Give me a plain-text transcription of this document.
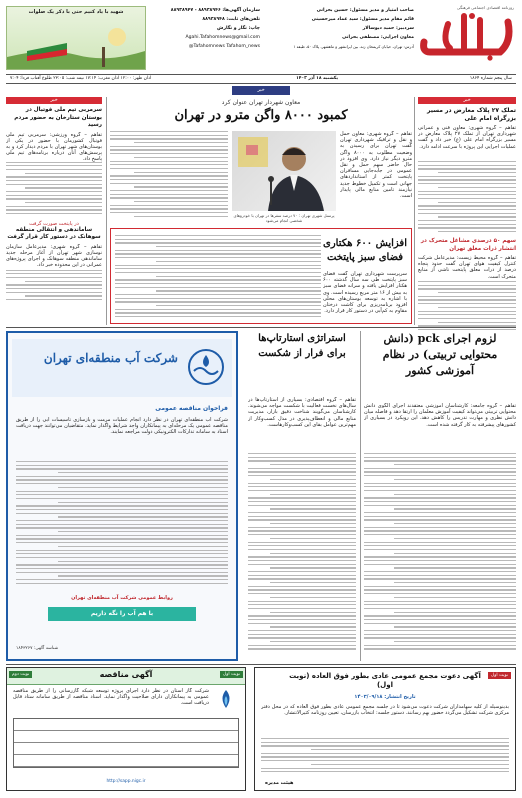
روزنامه اقتصادی اجتماعی فرهنگی
صاحب امتیاز و مدیر مسئول: حسین بحرانی
قائم مقام مدیر مسئول: سید عماد میرحسینی
سردبیر: حمید دیوسالار
معاون اجرایی: مصطفی بحرانی
آدرس: تهران، خیابان کریمخان زند، بین ایرانشهر و ماهشهر، پلاک ۵۰، طبقه ۱
سازمان آگهی‌ها: ۸۸۹۳۸۹۴۶ - ۸۸۹۳۸۹۴۷
تلفن‌های ثابت: ۸۸۹۳۸۹۴۸
چاپ: نگار و نگارش
Agahi.Tafahomnews@gmail.com
@Tafahomnews Tafahom_news
شهید با یاد کنیم حتی با ذکر یک صلوات
سال پنجم شماره ۱۸۶۴
یکشنبه ۱۸ آذر ۱۴۰۳
اذان ظهر: ۱۲:۰۰ اذان مغرب: ۱۷:۱۴ نیمه شب: ۲۳:۰۵ طلوع آفتاب فردا: ۷:۰۴
خبر
خبر
تملک ۲۷ پلاک معارض در مسیر بزرگراه امام علی
تفاهم – گروه شهری: معاون فنی و عمرانی شهرداری تهران از تملک ۲۷ پلاک معارض در مسیر بزرگراه امام علی (ع) خبر داد و گفت عملیات اجرایی این پروژه با سرعت ادامه دارد.
سهم ۵۰ درصدی مشاغل متحرک در انتشار ذرات معلق تهران
تفاهم – گروه محیط زیست: مدیرعامل شرکت کنترل کیفیت هوای تهران گفت حدود پنجاه درصد از ذرات معلق پایتخت ناشی از منابع متحرک است.
خبر
سرمربی تیم ملی فوتبال در بوستان ستارخان به حضور مردم رسید
تفاهم – گروه ورزشی: سرمربی تیم ملی فوتبال کشورمان با حضور در یکی از بوستان‌های شهر تهران با مردم دیدار کرد و به پرسش‌های آنان درباره برنامه‌های تیم ملی پاسخ داد.
در پایتخت صورت گرفت
ساماندهی و انتقالی منطقه سوهانک در دستور کار قرار گرفت
تفاهم – گروه شهری: مدیرعامل سازمان نوسازی شهر تهران از آغاز مرحله جدید ساماندهی منطقه سوهانک و اجرای پروژه‌های عمرانی در این محدوده خبر داد.
معاون شهردار تهران عنوان کرد
کمبود ۸۰۰۰ واگن مترو در تهران
تفاهم – گروه شهری: معاون حمل و نقل و ترافیک شهرداری تهران گفت تهران برای رسیدن به وضعیت مطلوب به ۸۰۰۰ واگن مترو دیگر نیاز دارد. وی افزود در حال حاضر سهم حمل و نقل عمومی در جابه‌جایی مسافران پایتخت کمتر از استانداردهای جهانی است و تکمیل خطوط جدید نیازمند تامین منابع مالی پایدار است.
پرسنل شهری تهران : ۷۰ درصد سفرها در تهران با خودروهای شخصی انجام می‌شود
افزایش ۶۰۰ هکتاری فضای سبز پایتخت
سرپرست شهرداری تهران گفت فضای سبز پایتخت طی سه سال گذشته ۶۰۰ هکتار افزایش یافته و سرانه فضای سبز به بیش از ۱۶ متر مربع رسیده است. وی با اشاره به توسعه بوستان‌های محلی افزود برنامه‌ریزی برای کاشت درختان مقاوم به کم‌آبی در دستور کار قرار دارد.
لزوم اجرای pck (دانش محتوایی تربیتی) در نظام آموزشی کشور
تفاهم – گروه جامعه: کارشناسان آموزشی معتقدند اجرای الگوی دانش محتوایی تربیتی می‌تواند کیفیت آموزش معلمان را ارتقا دهد و فاصله میان دانش نظری و مهارت تدریس را کاهش دهد. این رویکرد در بسیاری از کشورهای پیشرفته به کار گرفته شده است.
استراتژی استارتاپ‌ها برای فرار از شکست
تفاهم – گروه اقتصادی: بسیاری از استارتاپ‌ها در سال‌های نخست فعالیت با شکست مواجه می‌شوند. کارشناسان می‌گویند شناخت دقیق بازار، مدیریت منابع مالی و انعطاف‌پذیری در مدل کسب‌وکار از مهم‌ترین عوامل بقای این کسب‌وکارهاست.
شرکت آب منطقه‌ای تهران
فراخوان مناقصه عمومی
شرکت آب منطقه‌ای تهران در نظر دارد انجام عملیات مرمت و بازسازی تاسیسات آبی را از طریق مناقصه عمومی یک مرحله‌ای به پیمانکاران واجد شرایط واگذار نماید. متقاضیان می‌توانند جهت دریافت اسناد به سامانه تدارکات الکترونیکی دولت مراجعه نمایند.
روابط عمومی شرکت آب منطقه‌ای تهران
با هم آب را نگه داریم
شناسه آگهی: ۱۸۴۳۲۶۷
نوبت اول
آگهی مناقصه
نوبت دوم
شرکت گاز استان در نظر دارد اجرای پروژه توسعه شبکه گازرسانی را از طریق مناقصه عمومی به پیمانکاران دارای صلاحیت واگذار نماید. اسناد مناقصه از طریق سامانه ستاد قابل دریافت است.
http://sapp.nigc.ir
نوبت اول
آگهی دعوت مجمع عمومی عادی بطور فوق العاده (نوبت اول)
تاریخ انتشار: ۱۴۰۳/۰۹/۱۸
بدینوسیله از کلیه سهامداران شرکت دعوت می‌شود تا در جلسه مجمع عمومی عادی بطور فوق العاده که در محل دفتر مرکزی شرکت تشکیل می‌گردد حضور بهم رسانند. دستور جلسه: انتخاب بازرسان، تعیین روزنامه کثیرالانتشار.
هیئت مدیره
